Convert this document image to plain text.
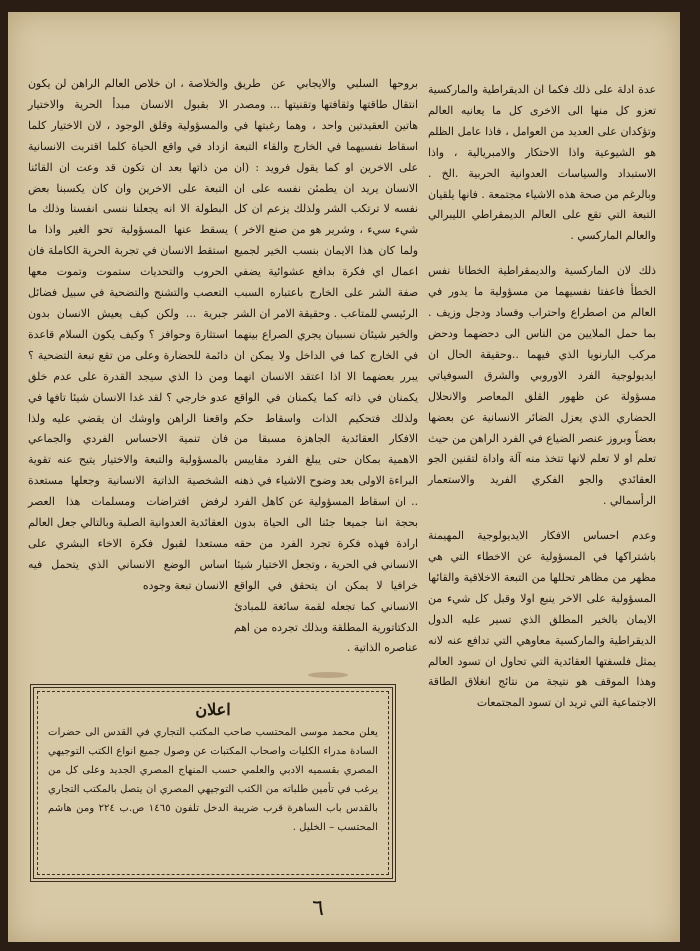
عدة ادلة على ذلك فكما ان الديقراطية والماركسية تعزو كل منها الى الاخرى كل ما يعانيه العالم وتؤكدان على العديد من العوامل ، فاذا عامل الظلم هو الشيوعية واذا الاحتكار والامبريالية ، واذا الاستبداد والسياسات العدوانية الحربية .الخ . وبالرغم من صحة هذه الاشياء مجتمعة . فانها يلقيان التبعة التي تقع على العالم الديمقراطي الليبرالي والعالم الماركسي .

ذلك لان الماركسية والديمقراطية الخطانا نفس الخطأ فاعفتا نفسيهما من مسؤولية ما يدور في العالم من اصطراع واحتراب وفساد ودجل وزيف . بما حمل الملايين من الناس الى دحضهما ودحض مركب البارنويا الذي فيهما ..وحقيقة الحال ان ايديولوجية الفرد الاوروبي والشرق السوفياتي مسؤولة عن ظهور القلق المعاصر والانحلال الحضاري الذي يعزل الضائر الانسانية عن بعضها بعضاً وبروز عنصر الضياع في الفرد الراهن من حيث تعلم او لا تعلم لانها تتخذ منه آلة واداة لتقنين الجو العقائدي والجو الفكري الفريد والاستعمار الرأسمالي .

وعدم احساس الافكار الايديولوجية المهيمنة باشتراكها في المسؤولية عن الاخطاء التي هي مظهر من مظاهر تحللها من التبعة الاخلاقية والقائها المسؤولية على الاخر ينبع اولا وقبل كل شيء من الايمان بالخير المطلق الذي تسير عليه الدول الديقراطية والماركسية معاوهي التي تدافع عنه لانه يمثل فلسفتها العقائدية التي تحاول ان تسود العالم وهذا الموقف هو نتيجة من نتائج انغلاق الطاقة الاجتماعية التي تريد ان تسود المجتمعات

بروحها السلبي والايجابي عن طريق انتقال طاقتها وثقافتها وتقنيتها ... ومصدر هاتين العقيدتين واحد ، وهما رغبتها في اسقاط نفسيهما في الخارج والقاء التبعة على الاخرين او كما يقول فرويد : (ان الانسان يريد ان يطمئن نفسه على ان نفسه لا ترتكب الشر ولذلك يزعم ان كل شيء سيء ، وشرير هو من صنع الاخر ) ولما كان هذا الايمان بنسب الخير لجميع اعمال اي فكرة بدافع عشوائية يضفي صفة الشر على الخارج باعتباره السبب الرئيسي للمتاعب . وحقيقة الامر ان الشر والخير شيئان نسبيان يجري الصراع بينهما في الخارج كما في الداخل ولا يمكن ان يبرر بعضهما الا اذا اعتقد الانسان انهما يكمنان في ذاته كما يكمنان في الواقع ولذلك فتحكيم الذات واسقاط حكم الافكار العقائدية الجاهزة مسبقا من الاهمية بمكان حتى يبلغ الفرد مقاييس البراءة الاولى بعد وضوح الاشياء في ذهنه .. ان اسقاط المسؤولية عن كاهل الفرد بحجة اننا جميعا جئنا الى الحياة بدون ارادة فهذه فكرة تجرد الفرد من حقه الانساني في الحرية ، وتجعل الاختيار شيئا خرافيا لا يمكن ان يتحقق في الواقع الانساني كما تجعله لقمة سائغة للمبادئ الدكتاتورية المطلقة وبذلك تجرده من اهم عناصره الذاتية .

والخلاصة ، ان خلاص العالم الراهن لن يكون الا بقبول الانسان مبدأ الحرية والاختيار والمسؤولية وقلق الوجود ، لان الاختيار كلما ازداد في واقع الحياة كلما اقتربت الانسانية من ذاتها بعد ان تكون قد وعت ان القائنا التبعة على الاخرين وان كان يكسبنا بعض البطولة الا انه يجعلنا ننسى انفسنا وذلك ما يسقط عنها المسؤولية تحو الغير واذا ما استقط الانسان في تجربة الحرية الكاملة فان الحروب والتحديات ستموت وتموت معها التعصب والتشنج والتضحية في سبيل فضائل جبرية ... ولكن كيف يعيش الانسان بدون استثارة وحوافز ؟ وكيف يكون السلام قاعدة دائمة للحضارة وعلى من تقع تبعة التضحية ؟ ومن ذا الذي سيجد القدرة على عدم خلق عدو خارجي ؟ لقد غدا الانسان شيئا تافها في واقعنا الراهن واوشك ان يقضي عليه ولذا فان تنمية الاحساس الفردي والجماعي بالمسؤولية والتبعة والاختيار يتيح عنه تقوية الشخصية الذاتية الانسانية وجعلها مستعدة لرفض افتراضات ومسلمات هذا العصر العقائدية العدوانية الصلبة وبالتالي جعل العالم مستعدا لقبول فكرة الاخاء البشري على اساس الوضع الانساني الذي يتحمل فيه الانسان تبعة وجوده

اعلان
يعلن محمد موسى المحتسب صاحب المكتب التجاري في القدس الى حضرات السادة مدراء الكليات واصحاب المكتبات عن وصول جميع انواع الكتب التوجيهي المصري بقسميه الادبي والعلمي حسب المنهاج المصري الجديد وعلى كل من يرغب في تأمين طلباته من الكتب التوجيهي المصري ان يتصل بالمكتب التجاري بالقدس باب الساهرة قرب ضريبة الدخل تلفون ١٤٦٥ ص.ب ٢٢٤ ومن هاشم المحتسب – الخليل .
٦
